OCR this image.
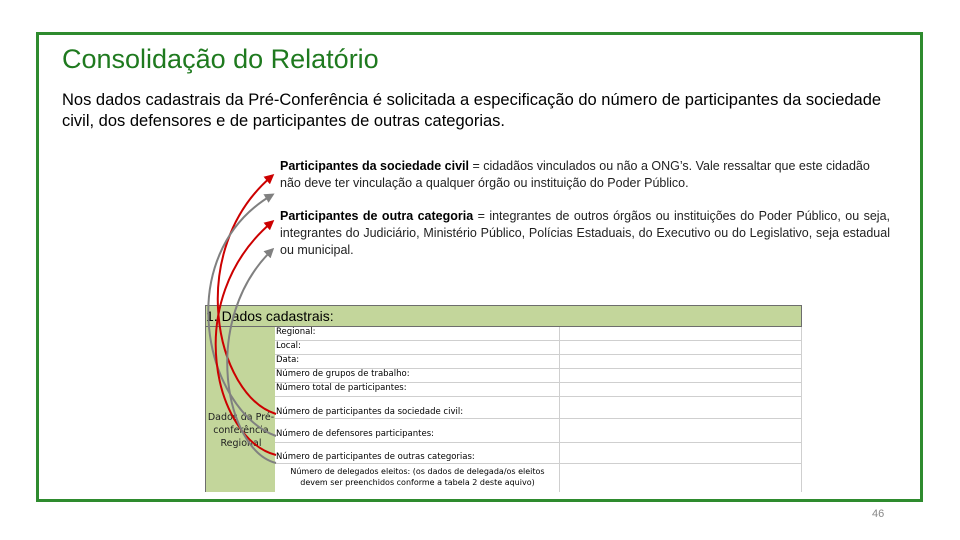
Consolidação do Relatório
Nos dados cadastrais da Pré-Conferência é solicitada a especificação do número de participantes da sociedade civil, dos defensores e de participantes de outras categorias.
Participantes da sociedade civil = cidadãos vinculados ou não a ONG’s. Vale ressaltar que este cidadão não deve ter vinculação a qualquer órgão ou instituição do Poder Público.
Participantes de outra categoria = integrantes de outros órgãos ou instituições do Poder Público, ou seja, integrantes do Judiciário, Ministério Público, Polícias Estaduais, do Executivo ou do Legislativo, seja estadual ou municipal.
1. Dados cadastrais:
Dados da Pré-conferência Regional
Regional:
Local:
Data:
Número de grupos de trabalho:
Número total de participantes:
Número de participantes da sociedade civil:
Número de defensores participantes:
Número de participantes de outras categorias:
Número de delegados eleitos: (os dados de delegada/os eleitos devem ser preenchidos conforme a tabela 2 deste aquivo)
46
